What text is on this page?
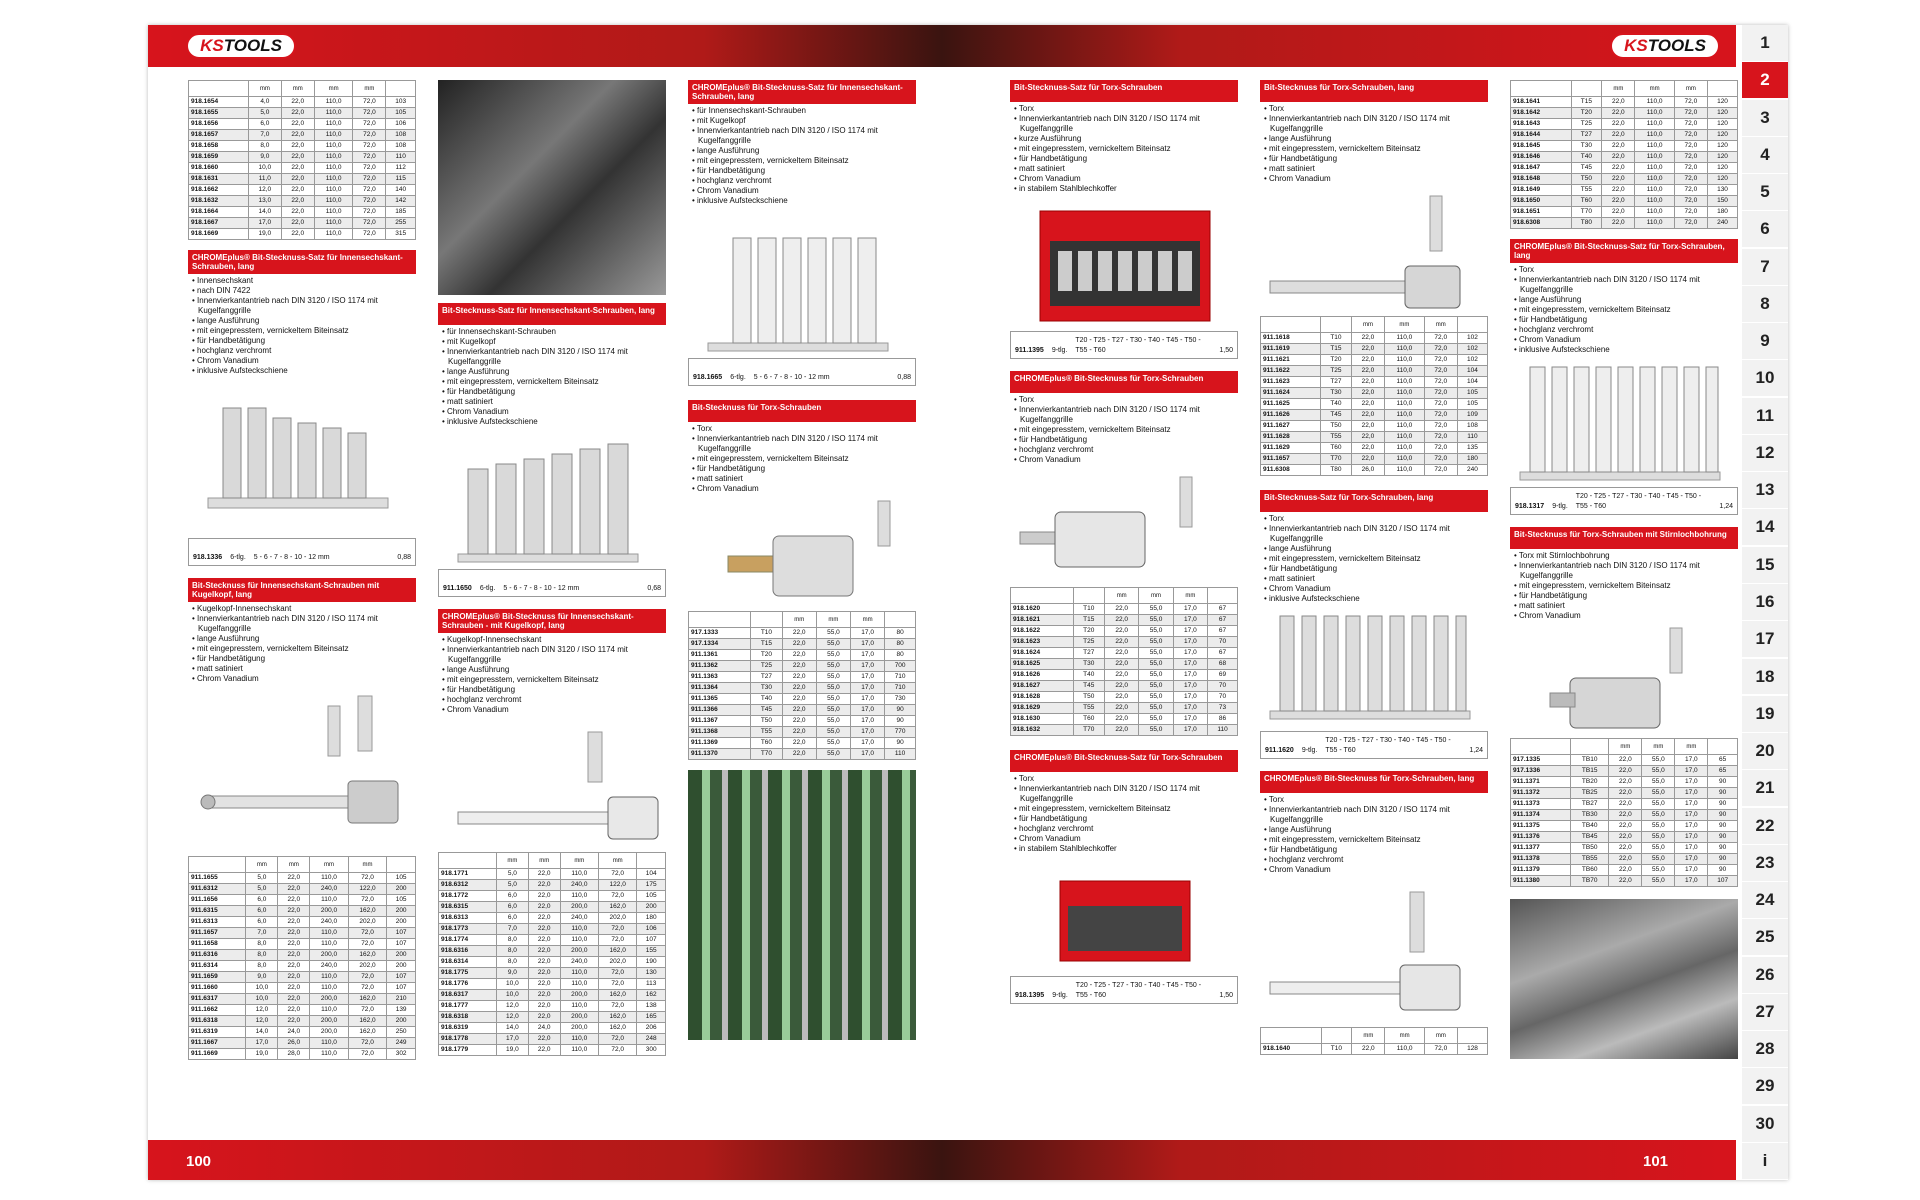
KS TOOLS	KS TOOLS
100	101
1
2
3
4
5
6
7
8
9
10
11
12
13
14
15
16
17
18
19
20
21
22
23
24
25
26
27
28
29
30
i
	mm	mm	mm	mm	
918.1654	4,0	22,0	110,0	72,0	103
918.1655	5,0	22,0	110,0	72,0	105
918.1656	6,0	22,0	110,0	72,0	106
918.1657	7,0	22,0	110,0	72,0	108
918.1658	8,0	22,0	110,0	72,0	108
918.1659	9,0	22,0	110,0	72,0	110
918.1660	10,0	22,0	110,0	72,0	112
918.1631	11,0	22,0	110,0	72,0	115
918.1662	12,0	22,0	110,0	72,0	140
918.1632	13,0	22,0	110,0	72,0	142
918.1664	14,0	22,0	110,0	72,0	185
918.1667	17,0	22,0	110,0	72,0	255
918.1669	19,0	22,0	110,0	72,0	315
CHROMEplus® Bit-Stecknuss-Satz für Innensechskant-Schrauben, lang
• Innensechskant
• nach DIN 7422
• Innenvierkantantrieb nach DIN 3120 / ISO 1174 mit Kugelfanggrille
• lange Ausführung
• mit eingepresstem, vernickeltem Biteinsatz
• für Handbetätigung
• hochglanz verchromt
• Chrom Vanadium
• inklusive Aufsteckschiene
918.1336	6-tlg.	5 - 6 - 7 - 8 - 10 - 12 mm	0,88
Bit-Stecknuss für Innensechskant-Schrauben mit Kugelkopf, lang
• Kugelkopf-Innensechskant
• Innenvierkantantrieb nach DIN 3120 / ISO 1174 mit Kugelfanggrille
• lange Ausführung
• mit eingepresstem, vernickeltem Biteinsatz
• für Handbetätigung
• matt satiniert
• Chrom Vanadium
	mm	mm	mm	mm	
911.1655	5,0	22,0	110,0	72,0	105
911.6312	5,0	22,0	240,0	122,0	200
911.1656	6,0	22,0	110,0	72,0	105
911.6315	6,0	22,0	200,0	162,0	200
911.6313	6,0	22,0	240,0	202,0	200
911.1657	7,0	22,0	110,0	72,0	107
911.1658	8,0	22,0	110,0	72,0	107
911.6316	8,0	22,0	200,0	162,0	200
911.6314	8,0	22,0	240,0	202,0	200
911.1659	9,0	22,0	110,0	72,0	107
911.1660	10,0	22,0	110,0	72,0	107
911.6317	10,0	22,0	200,0	162,0	210
911.1662	12,0	22,0	110,0	72,0	139
911.6318	12,0	22,0	200,0	162,0	200
911.6319	14,0	24,0	200,0	162,0	250
911.1667	17,0	26,0	110,0	72,0	249
911.1669	19,0	28,0	110,0	72,0	302
Bit-Stecknuss-Satz für Innensechskant-Schrauben, lang
• für Innensechskant-Schrauben
• mit Kugelkopf
• Innenvierkantantrieb nach DIN 3120 / ISO 1174 mit Kugelfanggrille
• lange Ausführung
• mit eingepresstem, vernickeltem Biteinsatz
• für Handbetätigung
• matt satiniert
• Chrom Vanadium
• inklusive Aufsteckschiene
911.1650	6-tlg.	5 - 6 - 7 - 8 - 10 - 12 mm	0,68
CHROMEplus® Bit-Stecknuss für Innensechskant-Schrauben - mit Kugelkopf, lang
• Kugelkopf-Innensechskant
• Innenvierkantantrieb nach DIN 3120 / ISO 1174 mit Kugelfanggrille
• lange Ausführung
• mit eingepresstem, vernickeltem Biteinsatz
• für Handbetätigung
• hochglanz verchromt
• Chrom Vanadium
	mm	mm	mm	mm	
918.1771	5,0	22,0	110,0	72,0	104
918.6312	5,0	22,0	240,0	122,0	175
918.1772	6,0	22,0	110,0	72,0	105
918.6315	6,0	22,0	200,0	162,0	200
918.6313	6,0	22,0	240,0	202,0	180
918.1773	7,0	22,0	110,0	72,0	106
918.1774	8,0	22,0	110,0	72,0	107
918.6316	8,0	22,0	200,0	162,0	155
918.6314	8,0	22,0	240,0	202,0	190
918.1775	9,0	22,0	110,0	72,0	130
918.1776	10,0	22,0	110,0	72,0	113
918.6317	10,0	22,0	200,0	162,0	162
918.1777	12,0	22,0	110,0	72,0	138
918.6318	12,0	22,0	200,0	162,0	165
918.6319	14,0	24,0	200,0	162,0	206
918.1778	17,0	22,0	110,0	72,0	248
918.1779	19,0	22,0	110,0	72,0	300
CHROMEplus® Bit-Stecknuss-Satz für Innensechskant-Schrauben, lang
• für Innensechskant-Schrauben
• mit Kugelkopf
• Innenvierkantantrieb nach DIN 3120 / ISO 1174 mit Kugelfanggrille
• lange Ausführung
• mit eingepresstem, vernickeltem Biteinsatz
• für Handbetätigung
• hochglanz verchromt
• Chrom Vanadium
• inklusive Aufsteckschiene
918.1665	6-tlg.	5 - 6 - 7 - 8 - 10 - 12 mm	0,88
Bit-Stecknuss für Torx-Schrauben
• Torx
• Innenvierkantantrieb nach DIN 3120 / ISO 1174 mit Kugelfanggrille
• mit eingepresstem, vernickeltem Biteinsatz
• für Handbetätigung
• matt satiniert
• Chrom Vanadium
		mm	mm	mm	
917.1333	T10	22,0	55,0	17,0	80
917.1334	T15	22,0	55,0	17,0	80
911.1361	T20	22,0	55,0	17,0	80
911.1362	T25	22,0	55,0	17,0	700
911.1363	T27	22,0	55,0	17,0	710
911.1364	T30	22,0	55,0	17,0	710
911.1365	T40	22,0	55,0	17,0	730
911.1366	T45	22,0	55,0	17,0	90
911.1367	T50	22,0	55,0	17,0	90
911.1368	T55	22,0	55,0	17,0	770
911.1369	T60	22,0	55,0	17,0	90
911.1370	T70	22,0	55,0	17,0	110
Bit-Stecknuss-Satz für Torx-Schrauben
• Torx
• Innenvierkantantrieb nach DIN 3120 / ISO 1174 mit Kugelfanggrille
• kurze Ausführung
• mit eingepresstem, vernickeltem Biteinsatz
• für Handbetätigung
• matt satiniert
• Chrom Vanadium
• in stabilem Stahlblechkoffer
911.1395	9-tlg.
T20 - T25 - T27 - T30 - T40 - T45 - T50 - T55 - T60	1,50
CHROMEplus® Bit-Stecknuss für Torx-Schrauben
• Torx
• Innenvierkantantrieb nach DIN 3120 / ISO 1174 mit Kugelfanggrille
• mit eingepresstem, vernickeltem Biteinsatz
• für Handbetätigung
• hochglanz verchromt
• Chrom Vanadium
		mm	mm	mm	
918.1620	T10	22,0	55,0	17,0	67
918.1621	T15	22,0	55,0	17,0	67
918.1622	T20	22,0	55,0	17,0	67
918.1623	T25	22,0	55,0	17,0	70
918.1624	T27	22,0	55,0	17,0	67
918.1625	T30	22,0	55,0	17,0	68
918.1626	T40	22,0	55,0	17,0	69
918.1627	T45	22,0	55,0	17,0	70
918.1628	T50	22,0	55,0	17,0	70
918.1629	T55	22,0	55,0	17,0	73
918.1630	T60	22,0	55,0	17,0	86
918.1632	T70	22,0	55,0	17,0	110
CHROMEplus® Bit-Stecknuss-Satz für Torx-Schrauben
• Torx
• Innenvierkantantrieb nach DIN 3120 / ISO 1174 mit Kugelfanggrille
• mit eingepresstem, vernickeltem Biteinsatz
• für Handbetätigung
• hochglanz verchromt
• Chrom Vanadium
• in stabilem Stahlblechkoffer
918.1395	9-tlg.
T20 - T25 - T27 - T30 - T40 - T45 - T50 - T55 - T60	1,50
Bit-Stecknuss für Torx-Schrauben, lang
• Torx
• Innenvierkantantrieb nach DIN 3120 / ISO 1174 mit Kugelfanggrille
• lange Ausführung
• mit eingepresstem, vernickeltem Biteinsatz
• für Handbetätigung
• matt satiniert
• Chrom Vanadium
		mm	mm	mm	
911.1618	T10	22,0	110,0	72,0	102
911.1619	T15	22,0	110,0	72,0	102
911.1621	T20	22,0	110,0	72,0	102
911.1622	T25	22,0	110,0	72,0	104
911.1623	T27	22,0	110,0	72,0	104
911.1624	T30	22,0	110,0	72,0	105
911.1625	T40	22,0	110,0	72,0	105
911.1626	T45	22,0	110,0	72,0	109
911.1627	T50	22,0	110,0	72,0	108
911.1628	T55	22,0	110,0	72,0	110
911.1629	T60	22,0	110,0	72,0	135
911.1657	T70	22,0	110,0	72,0	180
911.6308	T80	26,0	110,0	72,0	240
Bit-Stecknuss-Satz für Torx-Schrauben, lang
• Torx
• Innenvierkantantrieb nach DIN 3120 / ISO 1174 mit Kugelfanggrille
• lange Ausführung
• mit eingepresstem, vernickeltem Biteinsatz
• für Handbetätigung
• matt satiniert
• Chrom Vanadium
• inklusive Aufsteckschiene
911.1620	9-tlg.
T20 - T25 - T27 - T30 - T40 - T45 - T50 - T55 - T60	1,24
CHROMEplus® Bit-Stecknuss für Torx-Schrauben, lang
• Torx
• Innenvierkantantrieb nach DIN 3120 / ISO 1174 mit Kugelfanggrille
• lange Ausführung
• mit eingepresstem, vernickeltem Biteinsatz
• für Handbetätigung
• hochglanz verchromt
• Chrom Vanadium
		mm	mm	mm	
918.1640	T10	22,0	110,0	72,0	128
		mm	mm	mm	
918.1641	T15	22,0	110,0	72,0	120
918.1642	T20	22,0	110,0	72,0	120
918.1643	T25	22,0	110,0	72,0	120
918.1644	T27	22,0	110,0	72,0	120
918.1645	T30	22,0	110,0	72,0	120
918.1646	T40	22,0	110,0	72,0	120
918.1647	T45	22,0	110,0	72,0	120
918.1648	T50	22,0	110,0	72,0	120
918.1649	T55	22,0	110,0	72,0	130
918.1650	T60	22,0	110,0	72,0	150
918.1651	T70	22,0	110,0	72,0	180
918.6308	T80	22,0	110,0	72,0	240
CHROMEplus® Bit-Stecknuss-Satz für Torx-Schrauben, lang
• Torx
• Innenvierkantantrieb nach DIN 3120 / ISO 1174 mit Kugelfanggrille
• lange Ausführung
• mit eingepresstem, vernickeltem Biteinsatz
• für Handbetätigung
• hochglanz verchromt
• Chrom Vanadium
• inklusive Aufsteckschiene
918.1317	9-tlg.
T20 - T25 - T27 - T30 - T40 - T45 - T50 - T55 - T60	1,24
Bit-Stecknuss für Torx-Schrauben mit Stirnlochbohrung
• Torx mit Stirnlochbohrung
• Innenvierkantantrieb nach DIN 3120 / ISO 1174 mit Kugelfanggrille
• mit eingepresstem, vernickeltem Biteinsatz
• für Handbetätigung
• matt satiniert
• Chrom Vanadium
		mm	mm	mm	
917.1335	TB10	22,0	55,0	17,0	65
917.1336	TB15	22,0	55,0	17,0	65
911.1371	TB20	22,0	55,0	17,0	90
911.1372	TB25	22,0	55,0	17,0	90
911.1373	TB27	22,0	55,0	17,0	90
911.1374	TB30	22,0	55,0	17,0	90
911.1375	TB40	22,0	55,0	17,0	90
911.1376	TB45	22,0	55,0	17,0	90
911.1377	TB50	22,0	55,0	17,0	90
911.1378	TB55	22,0	55,0	17,0	90
911.1379	TB60	22,0	55,0	17,0	90
911.1380	TB70	22,0	55,0	17,0	107
